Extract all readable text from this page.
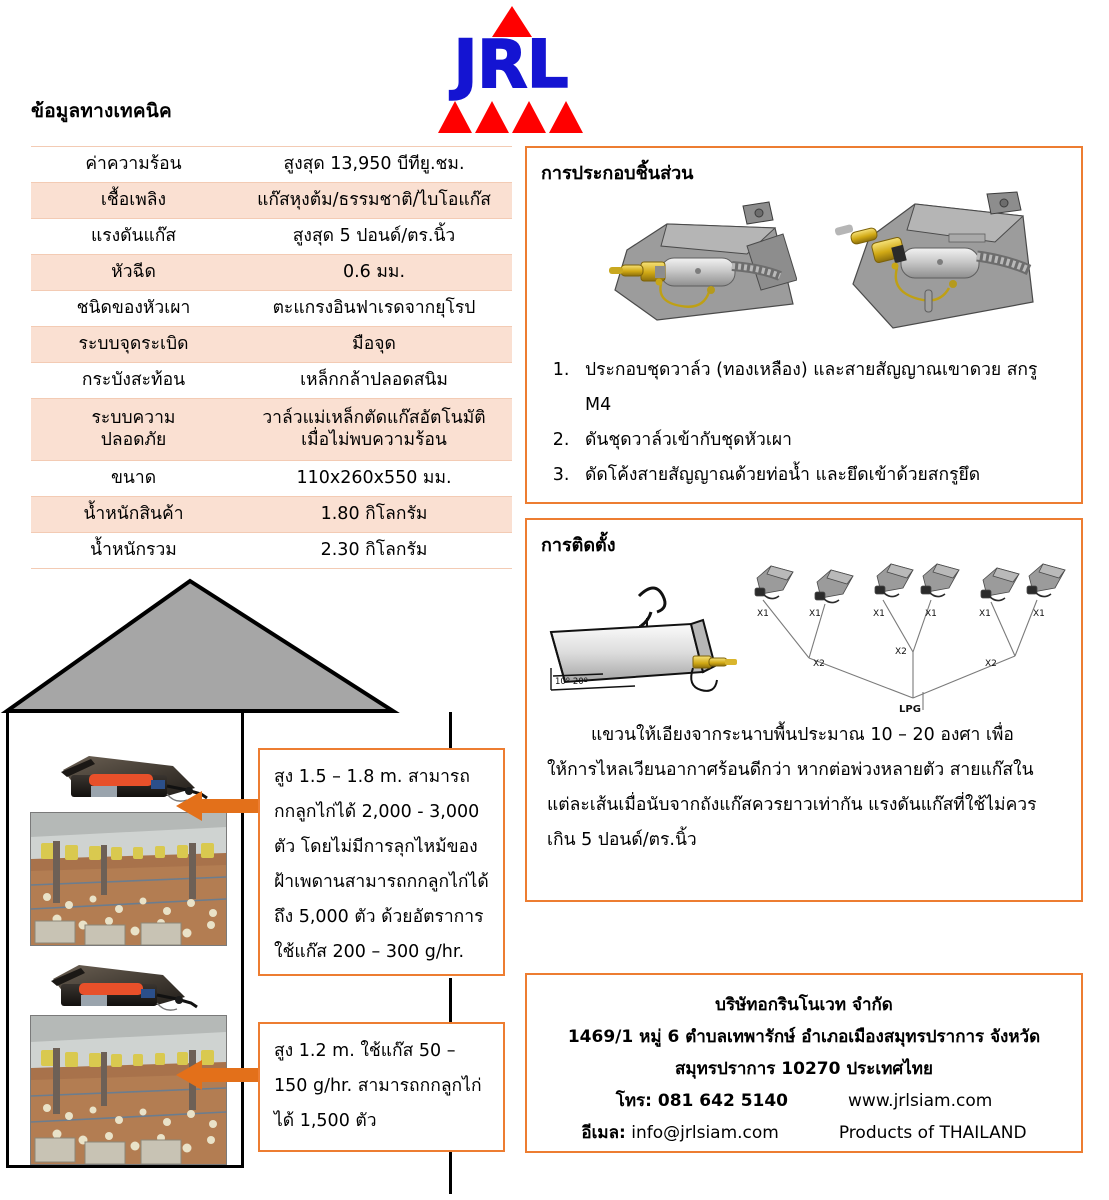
JRL
ข้อมูลทางเทคนิค
ค่าความร้อน	สูงสุด 13,950 บีทียู.ชม.
เชื้อเพลิง	แก๊สหุงต้ม/ธรรมชาติ/ไบโอแก๊ส
แรงดันแก๊ส	สูงสุด 5 ปอนด์/ตร.นิ้ว
หัวฉีด	0.6 มม.
ชนิดของหัวเผา	ตะแกรงอินฟาเรดจากยุโรป
ระบบจุดระเบิด	มือจุด
กระบังสะท้อน	เหล็กกล้าปลอดสนิม
ระบบความ
ปลอดภัย	วาล์วแม่เหล็กตัดแก๊สอัตโนมัติ
เมื่อไม่พบความร้อน
ขนาด	110x260x550 มม.
น้ำหนักสินค้า	1.80 กิโลกรัม
น้ำหนักรวม	2.30 กิโลกรัม
สูง 1.5 – 1.8 m. สามารถกกลูกไก่ได้ 2,000 - 3,000 ตัว โดยไม่มีการลุกไหม้ของฝ้าเพดานสามารถกกลูกไก่ได้ถึง 5,000 ตัว ด้วยอัตราการใช้แก๊ส 200 – 300 g/hr.
สูง 1.2 m. ใช้แก๊ส 50 – 150 g/hr. สามารถกกลูกไก่ได้ 1,500 ตัว
การประกอบชิ้นส่วน
1. ประกอบชุดวาล์ว (ทองเหลือง) และสายสัญญาณเขาดวย สกรู M4
2. ดันชุดวาล์วเข้ากับชุดหัวเผา
3. ดัดโค้งสายสัญญาณด้วยท่อน้ำ และยึดเข้าด้วยสกรูยึด
การติดตั้ง
10º-20º
X1	X1	X1	X1	X1	X1
X2
X2
X2
LPG
แขวนให้เอียงจากระนาบพื้นประมาณ 10 – 20 องศา เพื่อให้การไหลเวียนอากาศร้อนดีกว่า หากต่อพ่วงหลายตัว สายแก๊สในแต่ละเส้นเมื่อนับจากถังแก๊สควรยาวเท่ากัน แรงดันแก๊สที่ใช้ไม่ควรเกิน 5 ปอนด์/ตร.นิ้ว
บริษัทอกรินโนเวท จำกัด
1469/1 หมู่ 6 ตำบลเทพารักษ์ อำเภอเมืองสมุทรปราการ จังหวัด
สมุทรปราการ 10270 ประเทศไทย
โทร: 081 642 5140	www.jrlsiam.com
อีเมล: info@jrlsiam.com	Products of THAILAND
